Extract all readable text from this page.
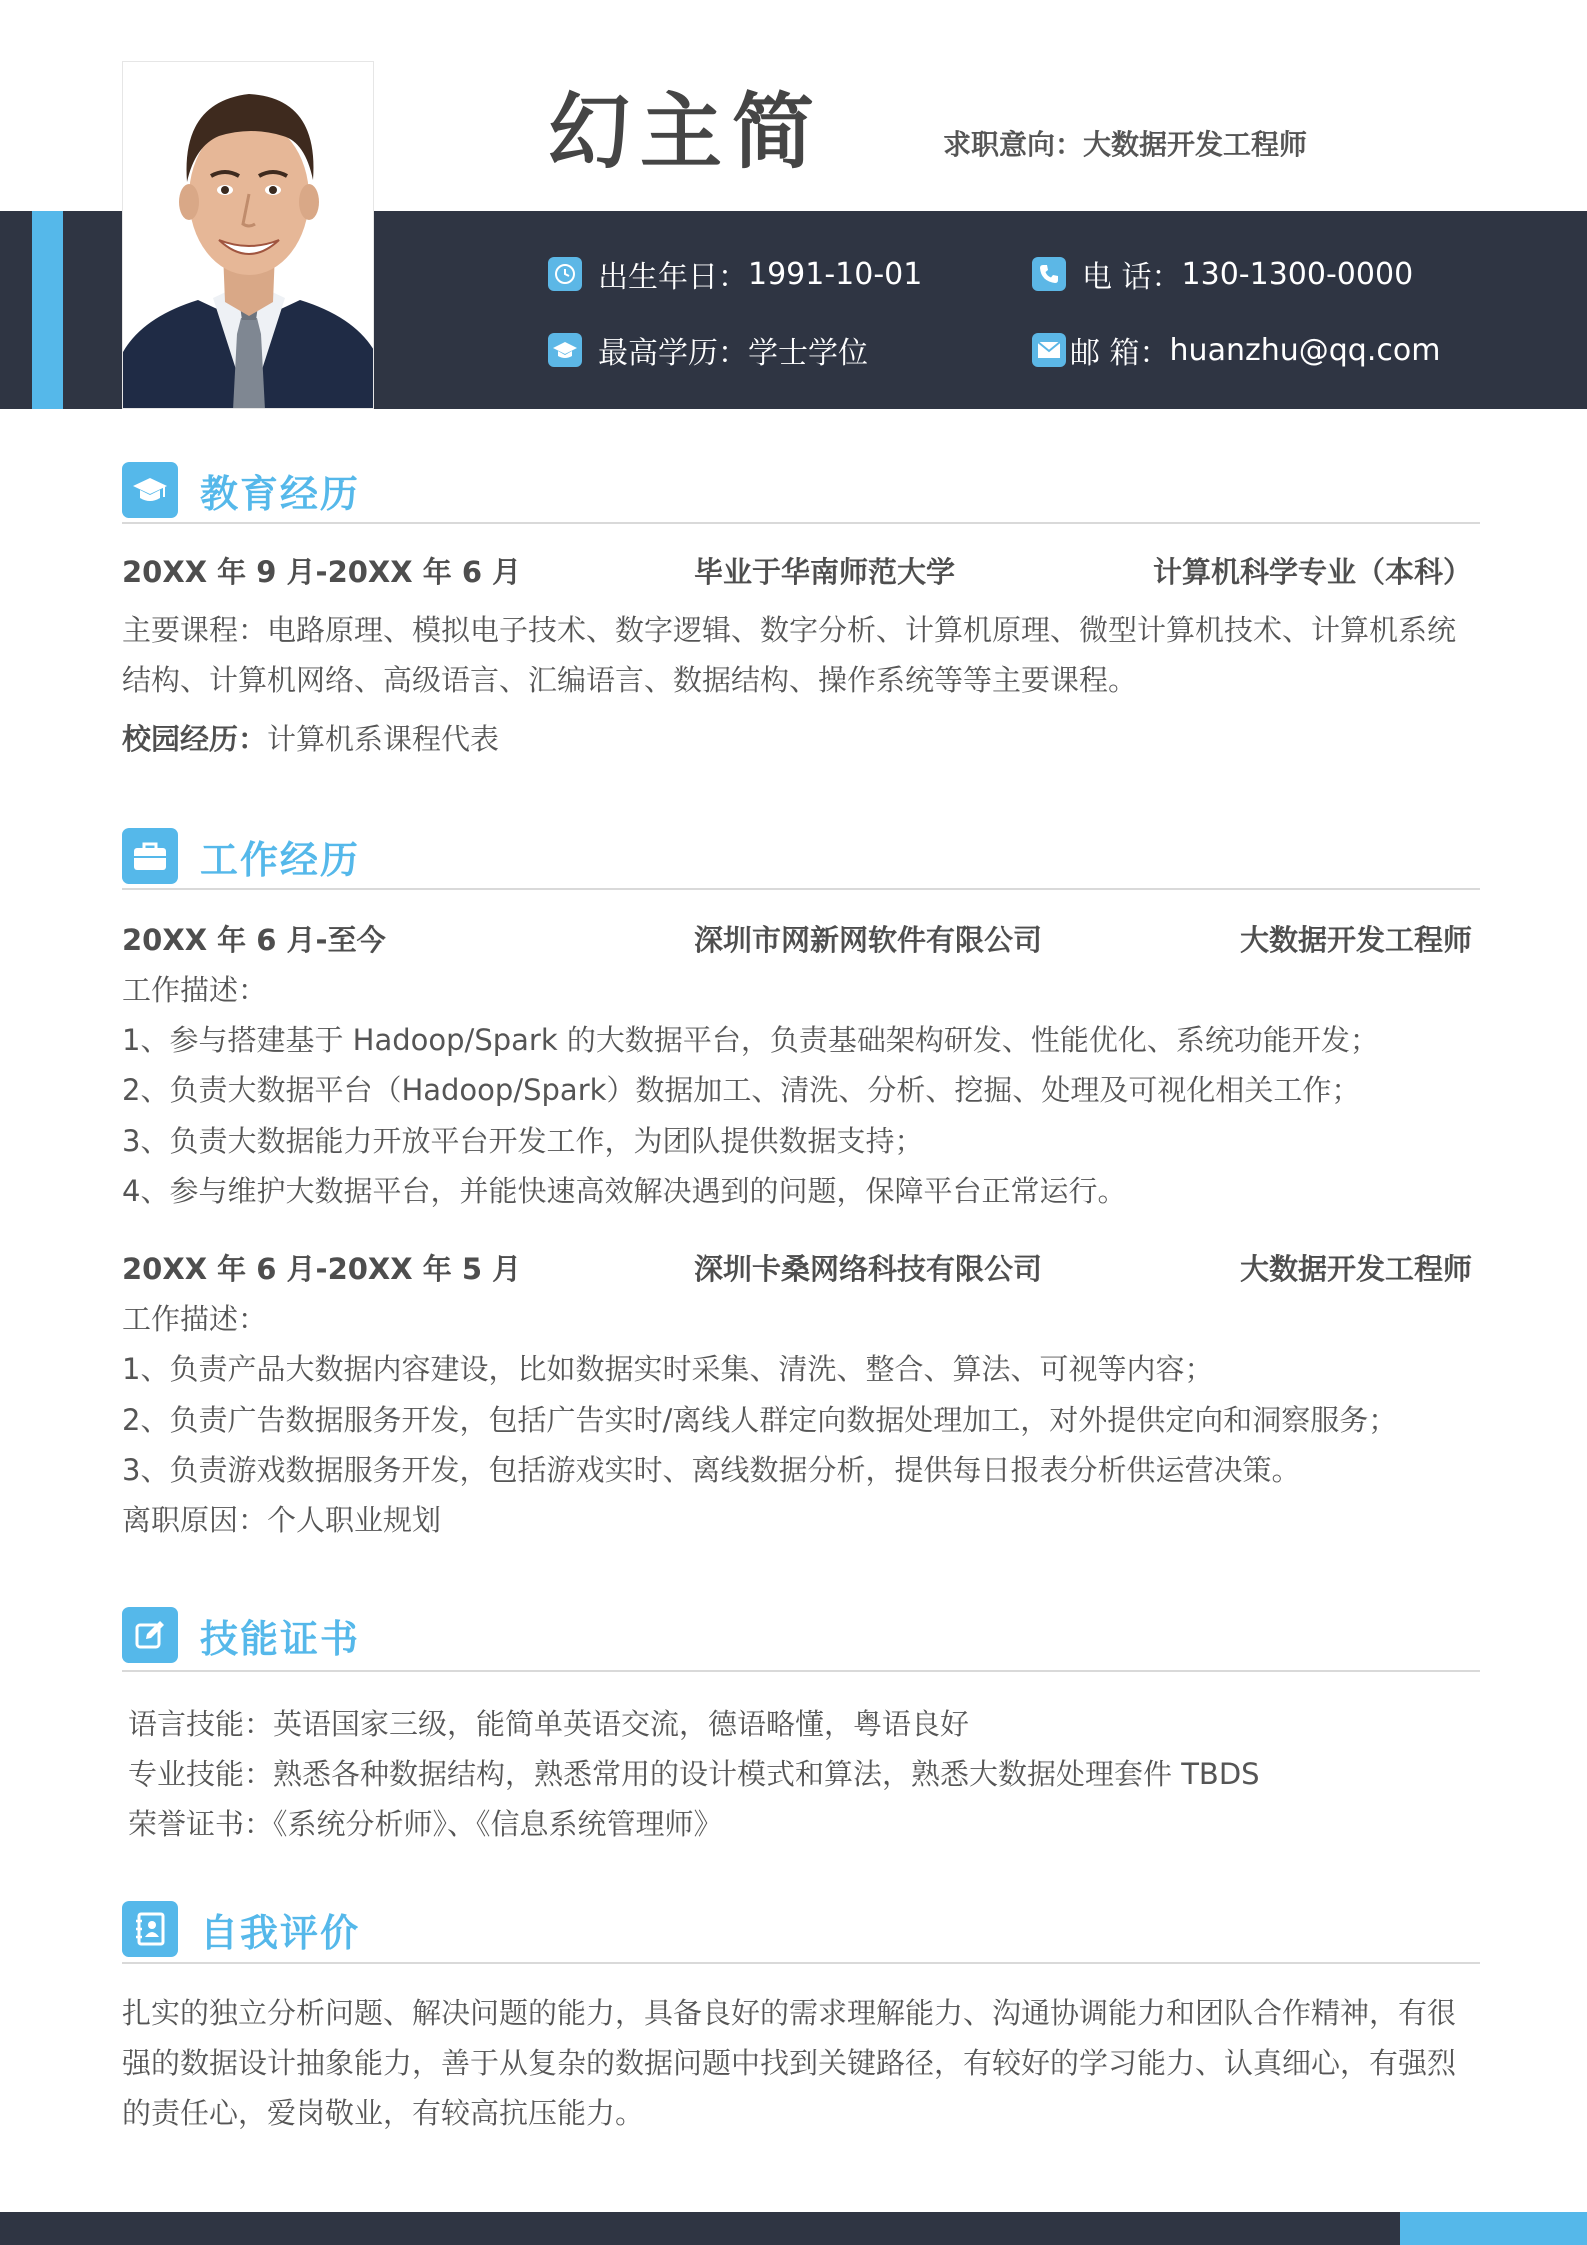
幻主简	求职意向：大数据开发工程师
出生年日： 1991-10-01	电 话： 130-1300-0000
最高学历： 学士学位	邮 箱： huanzhu@qq.com
教育经历
20XX 年 9 月-20XX 年 6 月	毕业于华南师范大学	计算机科学专业（本科）
主要课程：电路原理、模拟电子技术、数字逻辑、数字分析、计算机原理、微型计算机技术、计算机系统
结构、计算机网络、高级语言、汇编语言、数据结构、操作系统等等主要课程。
校园经历：计算机系课程代表
工作经历
20XX 年 6 月-至今	深圳市网新网软件有限公司	大数据开发工程师
工作描述：
1、参与搭建基于 Hadoop/Spark 的大数据平台，负责基础架构研发、性能优化、系统功能开发；
2、负责大数据平台（Hadoop/Spark）数据加工、清洗、分析、挖掘、处理及可视化相关工作；
3、负责大数据能力开放平台开发工作，为团队提供数据支持；
4、参与维护大数据平台，并能快速高效解决遇到的问题，保障平台正常运行。
20XX 年 6 月-20XX 年 5 月	深圳卡桑网络科技有限公司	大数据开发工程师
工作描述：
1、负责产品大数据内容建设，比如数据实时采集、清洗、整合、算法、可视等内容；
2、负责广告数据服务开发，包括广告实时/离线人群定向数据处理加工，对外提供定向和洞察服务；
3、负责游戏数据服务开发，包括游戏实时、离线数据分析，提供每日报表分析供运营决策。
离职原因：个人职业规划
技能证书
语言技能：英语国家三级，能简单英语交流，德语略懂，粤语良好
专业技能：熟悉各种数据结构，熟悉常用的设计模式和算法，熟悉大数据处理套件 TBDS
荣誉证书：《系统分析师》、《信息系统管理师》
自我评价
扎实的独立分析问题、解决问题的能力，具备良好的需求理解能力、沟通协调能力和团队合作精神，有很
强的数据设计抽象能力，善于从复杂的数据问题中找到关键路径，有较好的学习能力、认真细心，有强烈
的责任心，爱岗敬业，有较高抗压能力。
